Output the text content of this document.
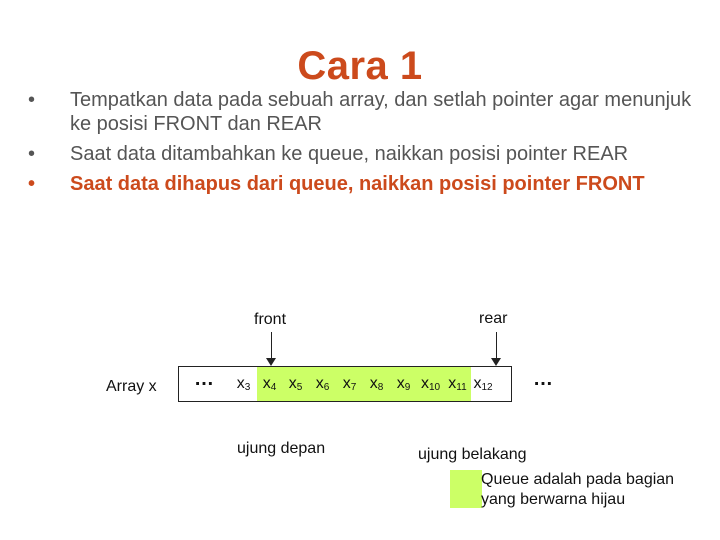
Cara 1
• Tempatkan data pada sebuah array, dan setlah pointer agar menunjuk ke posisi FRONT dan REAR
• Saat data ditambahkan ke queue, naikkan posisi pointer REAR
• Saat data dihapus dari queue, naikkan posisi pointer FRONT
front	rear
Array x	$x_3$ $x_4$ $x_5$ $x_6$ $x_7$ $x_8$ $x_9$ $x_{10}$ $x_{11}$ $x_{12}$
…	…
ujung depan	ujung belakang
Queue adalah pada bagian yang berwarna hijau
